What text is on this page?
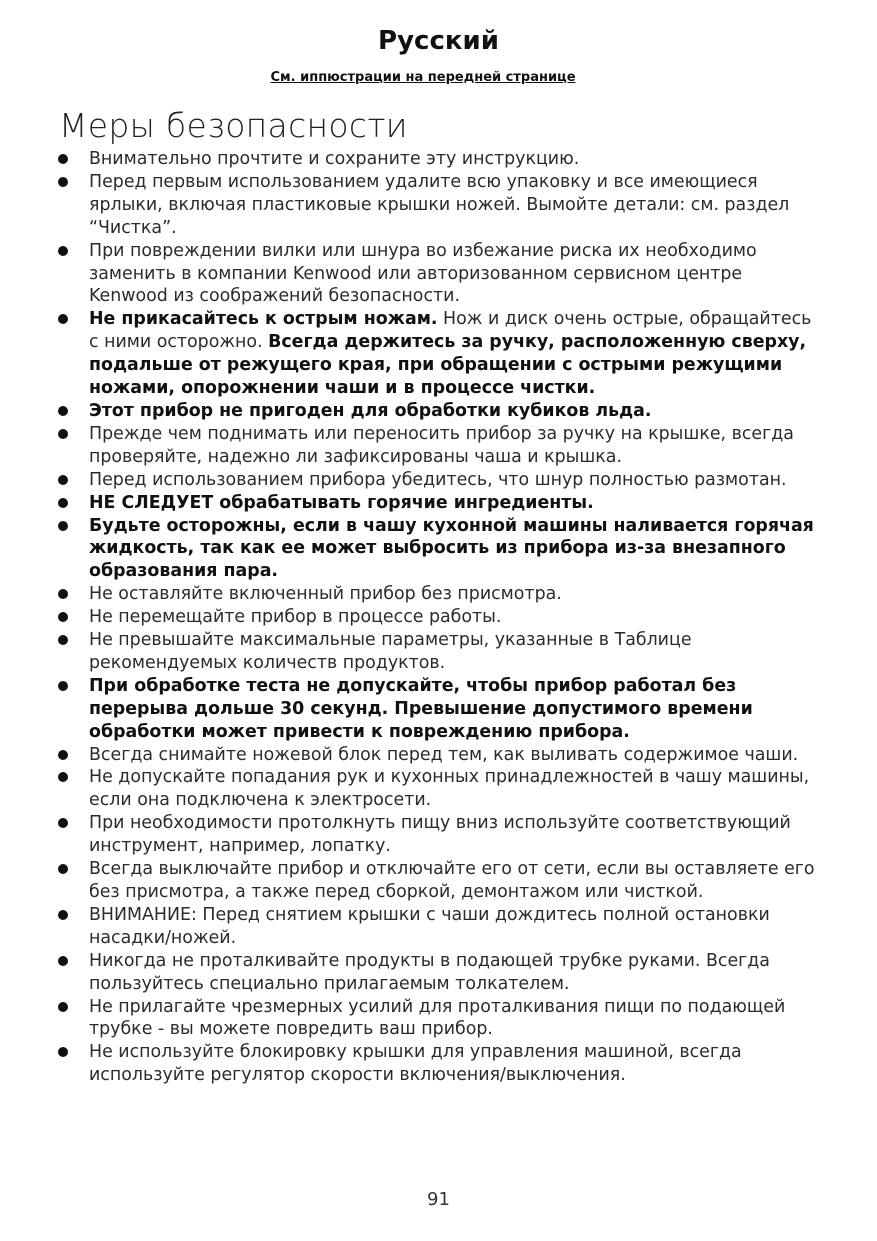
Русский
См. иппюстрации на передней странице
Меры безопасности
Внимательно прочтите и сохраните эту инструкцию.
Перед первым использованием удалите всю упаковку и все имеющиеся ярлыки, включая пластиковые крышки ножей. Вымойте детали: см. раздел “Чистка”.
При повреждении вилки или шнура во избежание риска их необходимо заменить в компании Kenwood или авторизованном сервисном центре Kenwood из соображений безопасности.
Не прикасайтесь к острым ножам. Нож и диск очень острые, обращайтесь с ними осторожно. Всегда держитесь за ручку, расположенную сверху, подальше от режущего края, при обращении с острыми режущими ножами, опорожнении чаши и в процессе чистки.
Этот прибор не пригоден для обработки кубиков льда.
Прежде чем поднимать или переносить прибор за ручку на крышке, всегда проверяйте, надежно ли зафиксированы чаша и крышка.
Перед использованием прибора убедитесь, что шнур полностью размотан.
НЕ СЛЕДУЕТ обрабатывать горячие ингредиенты.
Будьте осторожны, если в чашу кухонной машины наливается горячая жидкость, так как ее может выбросить из прибора из-за внезапного образования пара.
Не оставляйте включенный прибор без присмотра.
Не перемещайте прибор в процессе работы.
Не превышайте максимальные параметры, указанные в Таблице рекомендуемых количеств продуктов.
При обработке теста не допускайте, чтобы прибор работал без перерыва дольше 30 секунд. Превышение допустимого времени обработки может привести к повреждению прибора.
Всегда снимайте ножевой блок перед тем, как выливать содержимое чаши.
Не допускайте попадания рук и кухонных принадлежностей в чашу машины, если она подключена к электросети.
При необходимости протолкнуть пищу вниз используйте соответствующий инструмент, например, лопатку.
Всегда выключайте прибор и отключайте его от сети, если вы оставляете его без присмотра, а также перед сборкой, демонтажом или чисткой.
ВНИМАНИЕ: Перед снятием крышки с чаши дождитесь полной остановки насадки/ножей.
Никогда не проталкивайте продукты в подающей трубке руками. Всегда пользуйтесь специально прилагаемым толкателем.
Не прилагайте чрезмерных усилий для проталкивания пищи по подающей трубке - вы можете повредить ваш прибор.
Не используйте блокировку крышки для управления машиной, всегда используйте регулятор скорости включения/выключения.
91
